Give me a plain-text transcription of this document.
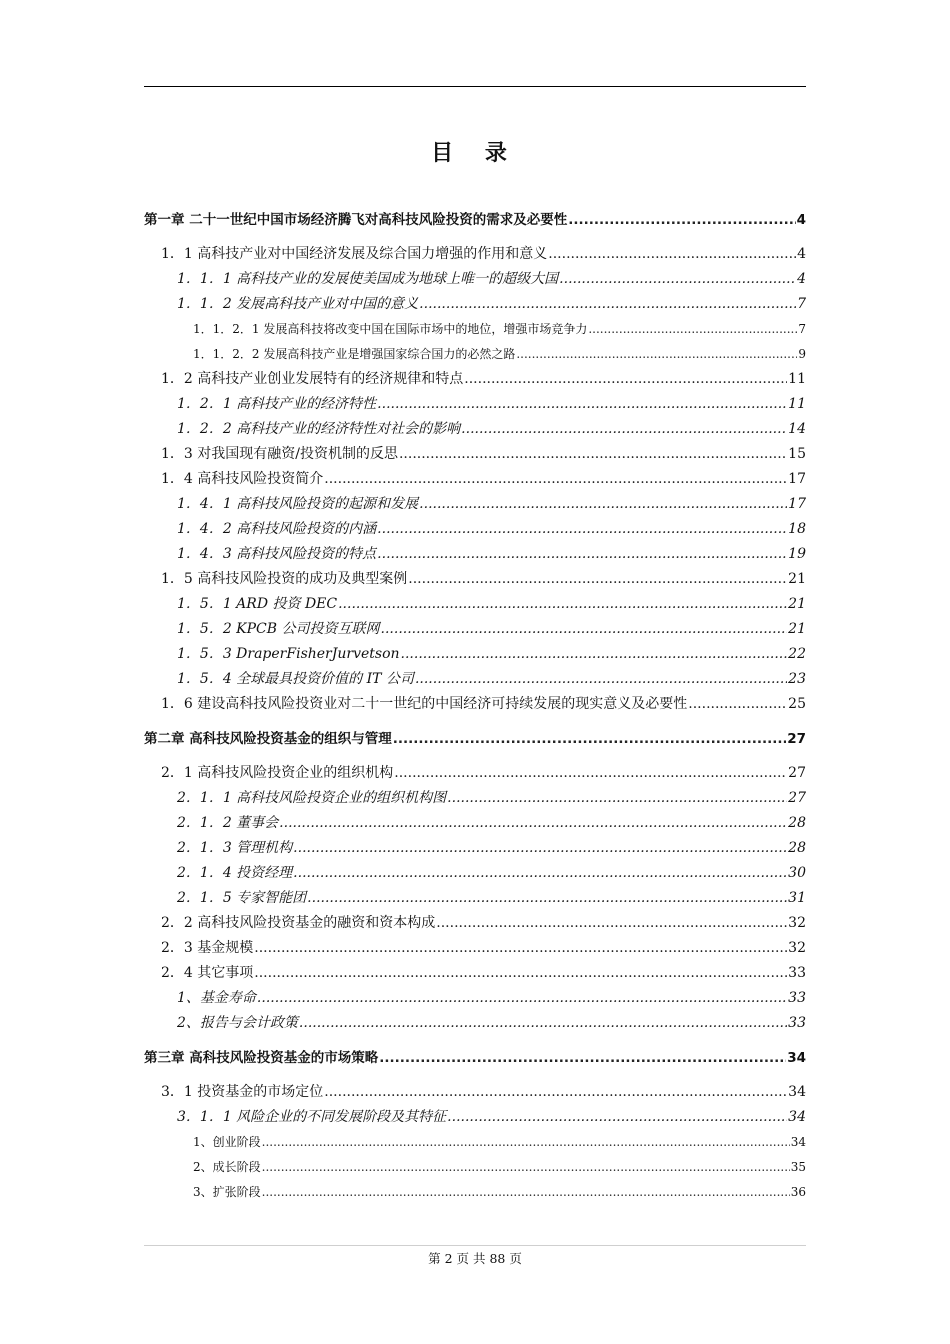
目 录
第一章 二十一世纪中国市场经济腾飞对高科技风险投资的需求及必要性 .....	4
1．1 高科技产业对中国经济发展及综合国力增强的作用和意义 .....	4
1．1．1 高科技产业的发展使美国成为地球上唯一的超级大国 .....	4
1．1．2 发展高科技产业对中国的意义 .....	7
1．1．2．1 发展高科技将改变中国在国际市场中的地位，增强市场竞争力 .....	7
1．1．2．2 发展高科技产业是增强国家综合国力的必然之路 .....	9
1．2 高科技产业创业发展特有的经济规律和特点 .....	11
1．2．1 高科技产业的经济特性 .....	11
1．2．2 高科技产业的经济特性对社会的影响 .....	14
1．3 对我国现有融资/投资机制的反思 .....	15
1．4 高科技风险投资简介 .....	17
1．4．1 高科技风险投资的起源和发展 .....	17
1．4．2 高科技风险投资的内涵 .....	18
1．4．3 高科技风险投资的特点 .....	19
1．5 高科技风险投资的成功及典型案例 .....	21
1．5．1 ARD 投资 DEC .....	21
1．5．2 KPCB 公司投资互联网 .....	21
1．5．3 DraperFisherJurvetson .....	22
1．5．4 全球最具投资价值的 IT 公司 .....	23
1．6 建设高科技风险投资业对二十一世纪的中国经济可持续发展的现实意义及必要性 .....	25
第二章 高科技风险投资基金的组织与管理 .....	27
2．1 高科技风险投资企业的组织机构 .....	27
2．1．1 高科技风险投资企业的组织机构图 .....	27
2．1．2 董事会 .....	28
2．1．3 管理机构 .....	28
2．1．4 投资经理 .....	30
2．1．5 专家智能团 .....	31
2．2 高科技风险投资基金的融资和资本构成 .....	32
2．3 基金规模 .....	32
2．4 其它事项 .....	33
1、基金寿命 .....	33
2、报告与会计政策 .....	33
第三章 高科技风险投资基金的市场策略 .....	34
3．1 投资基金的市场定位 .....	34
3．1．1 风险企业的不同发展阶段及其特征 .....	34
1、创业阶段 .....	34
2、成长阶段 .....	35
3、扩张阶段 .....	36
第 2 页 共 88 页
